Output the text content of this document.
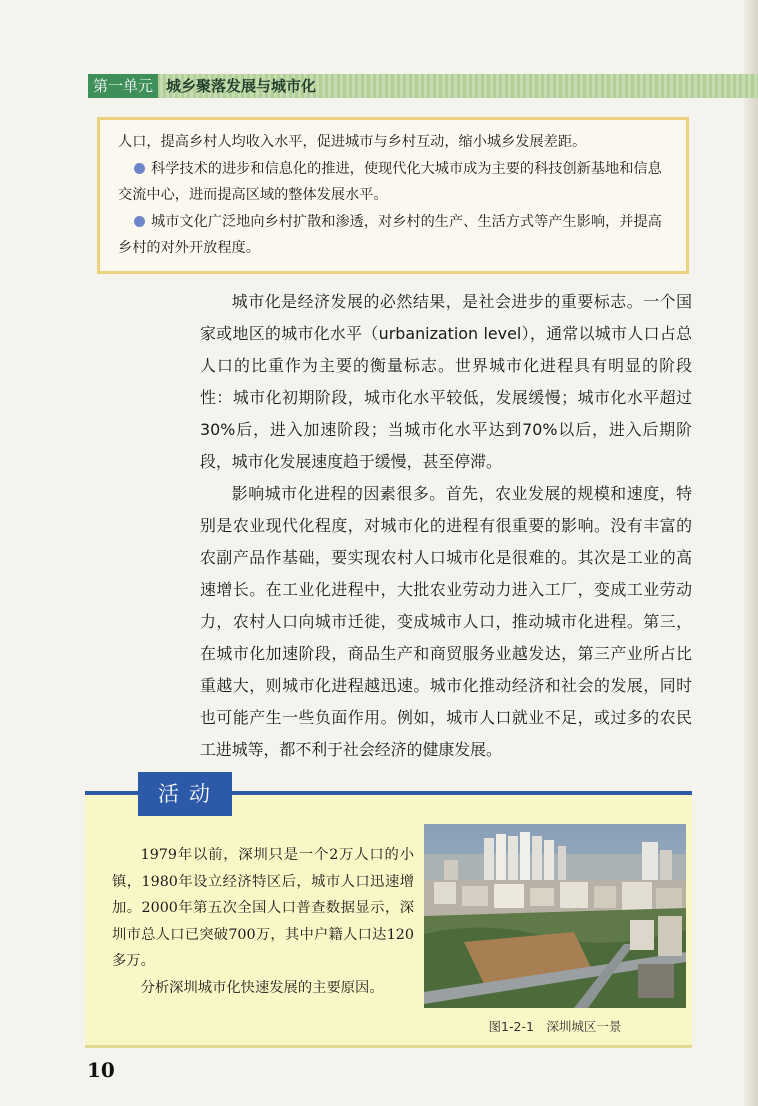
第一单元 城乡聚落发展与城市化

人口，提高乡村人均收入水平，促进城市与乡村互动，缩小城乡发展差距。

科学技术的进步和信息化的推进，使现代化大城市成为主要的科技创新基地和信息交流中心，进而提高区域的整体发展水平。

城市文化广泛地向乡村扩散和渗透，对乡村的生产、生活方式等产生影响，并提高乡村的对外开放程度。

城市化是经济发展的必然结果，是社会进步的重要标志。一个国家或地区的城市化水平（urbanization level），通常以城市人口占总人口的比重作为主要的衡量标志。世界城市化进程具有明显的阶段性：城市化初期阶段，城市化水平较低，发展缓慢；城市化水平超过30%后，进入加速阶段；当城市化水平达到70%以后，进入后期阶段，城市化发展速度趋于缓慢，甚至停滞。

影响城市化进程的因素很多。首先，农业发展的规模和速度，特别是农业现代化程度，对城市化的进程有很重要的影响。没有丰富的农副产品作基础，要实现农村人口城市化是很难的。其次是工业的高速增长。在工业化进程中，大批农业劳动力进入工厂，变成工业劳动力，农村人口向城市迁徙，变成城市人口，推动城市化进程。第三，在城市化加速阶段，商品生产和商贸服务业越发达，第三产业所占比重越大，则城市化进程越迅速。城市化推动经济和社会的发展，同时也可能产生一些负面作用。例如，城市人口就业不足，或过多的农民工进城等，都不利于社会经济的健康发展。

活动

1979年以前，深圳只是一个2万人口的小镇，1980年设立经济特区后，城市人口迅速增加。2000年第五次全国人口普查数据显示，深圳市总人口已突破700万，其中户籍人口达120多万。

分析深圳城市化快速发展的主要原因。

图1-2-1　深圳城区一景
10
